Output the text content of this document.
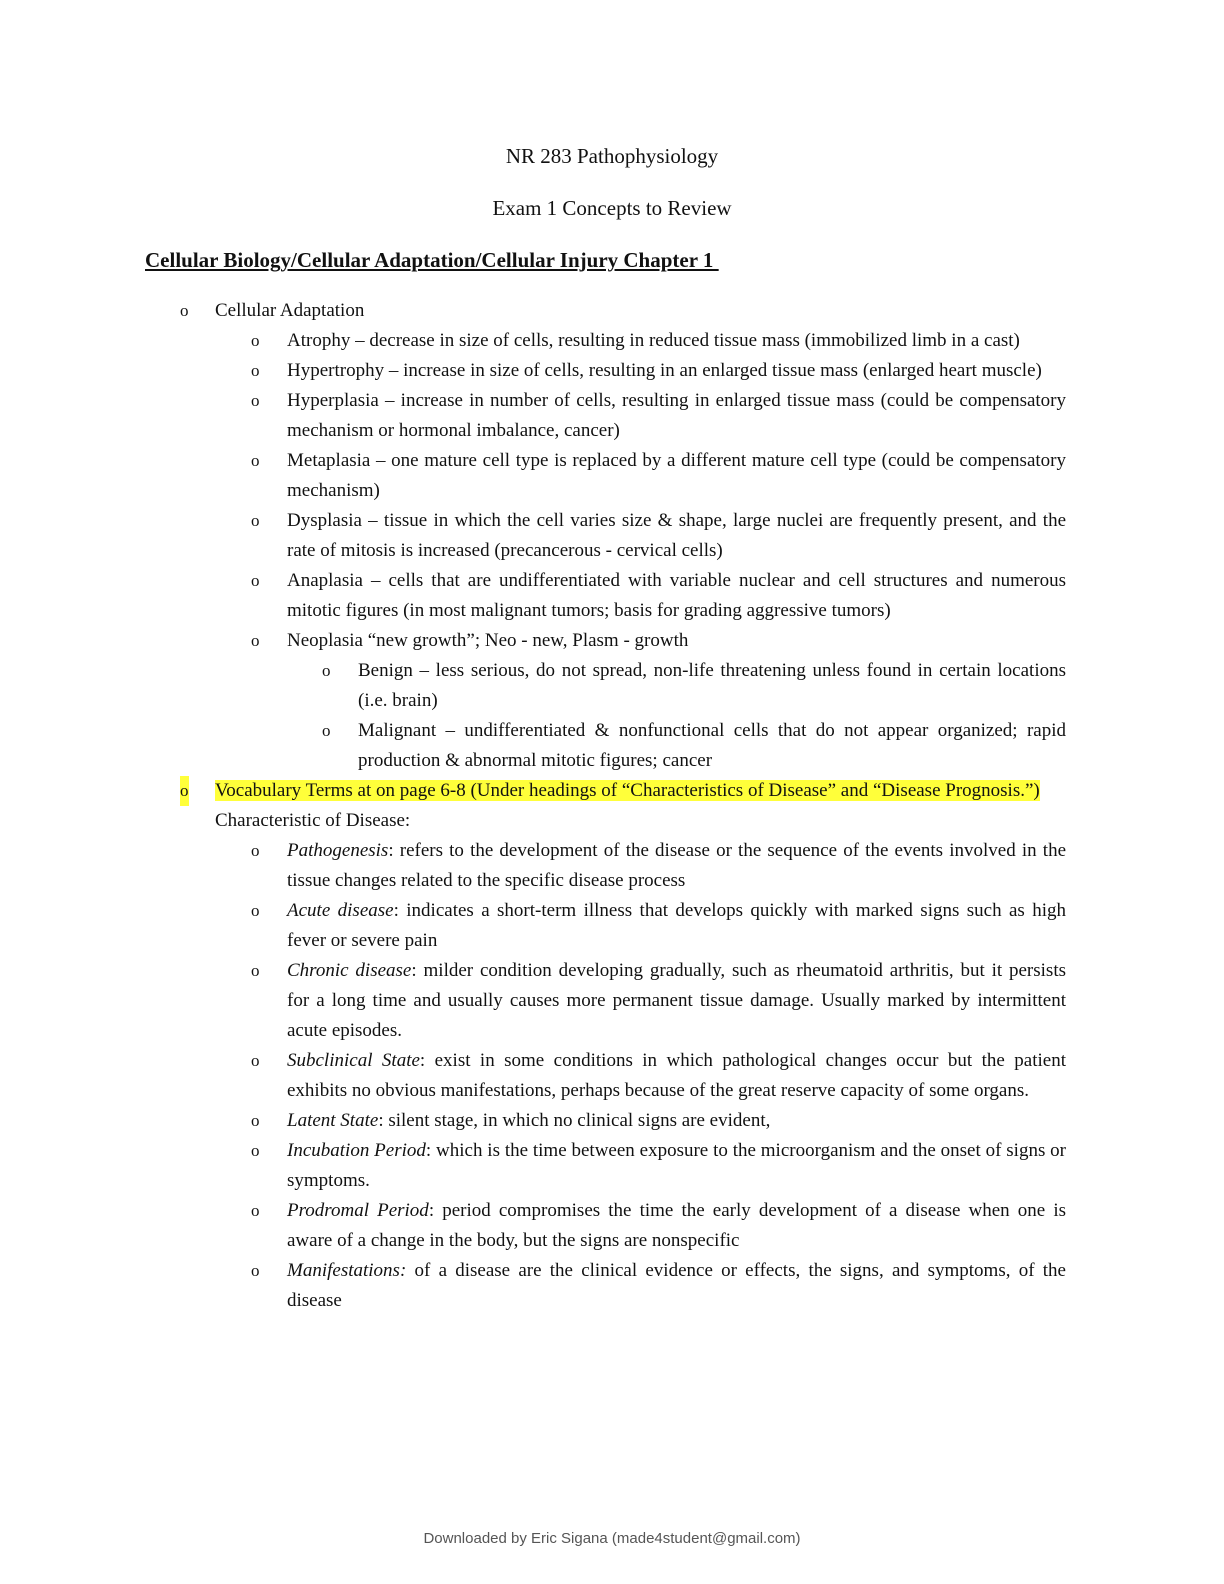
NR 283 Pathophysiology
Exam 1 Concepts to Review
Cellular Biology/Cellular Adaptation/Cellular Injury Chapter 1
o Cellular Adaptation
o Atrophy – decrease in size of cells, resulting in reduced tissue mass (immobilized limb in a cast)
o Hypertrophy – increase in size of cells, resulting in an enlarged tissue mass (enlarged heart muscle)
o Hyperplasia – increase in number of cells, resulting in enlarged tissue mass (could be compensatory mechanism or hormonal imbalance, cancer)
o Metaplasia – one mature cell type is replaced by a different mature cell type (could be compensatory mechanism)
o Dysplasia – tissue in which the cell varies size & shape, large nuclei are frequently present, and the rate of mitosis is increased (precancerous - cervical cells)
o Anaplasia – cells that are undifferentiated with variable nuclear and cell structures and numerous mitotic figures (in most malignant tumors; basis for grading aggressive tumors)
o Neoplasia “new growth”; Neo - new, Plasm - growth
o Benign – less serious, do not spread, non-life threatening unless found in certain locations (i.e. brain)
o Malignant – undifferentiated & nonfunctional cells that do not appear organized; rapid production & abnormal mitotic figures; cancer
o Vocabulary Terms at on page 6-8 (Under headings of “Characteristics of Disease” and “Disease Prognosis.”)
Characteristic of Disease:
o Pathogenesis: refers to the development of the disease or the sequence of the events involved in the tissue changes related to the specific disease process
o Acute disease: indicates a short-term illness that develops quickly with marked signs such as high fever or severe pain
o Chronic disease: milder condition developing gradually, such as rheumatoid arthritis, but it persists for a long time and usually causes more permanent tissue damage. Usually marked by intermittent acute episodes.
o Subclinical State: exist in some conditions in which pathological changes occur but the patient exhibits no obvious manifestations, perhaps because of the great reserve capacity of some organs.
o Latent State: silent stage, in which no clinical signs are evident,
o Incubation Period: which is the time between exposure to the microorganism and the onset of signs or symptoms.
o Prodromal Period: period compromises the time the early development of a disease when one is aware of a change in the body, but the signs are nonspecific
o Manifestations: of a disease are the clinical evidence or effects, the signs, and symptoms, of the disease
Downloaded by Eric Sigana (made4student@gmail.com)
